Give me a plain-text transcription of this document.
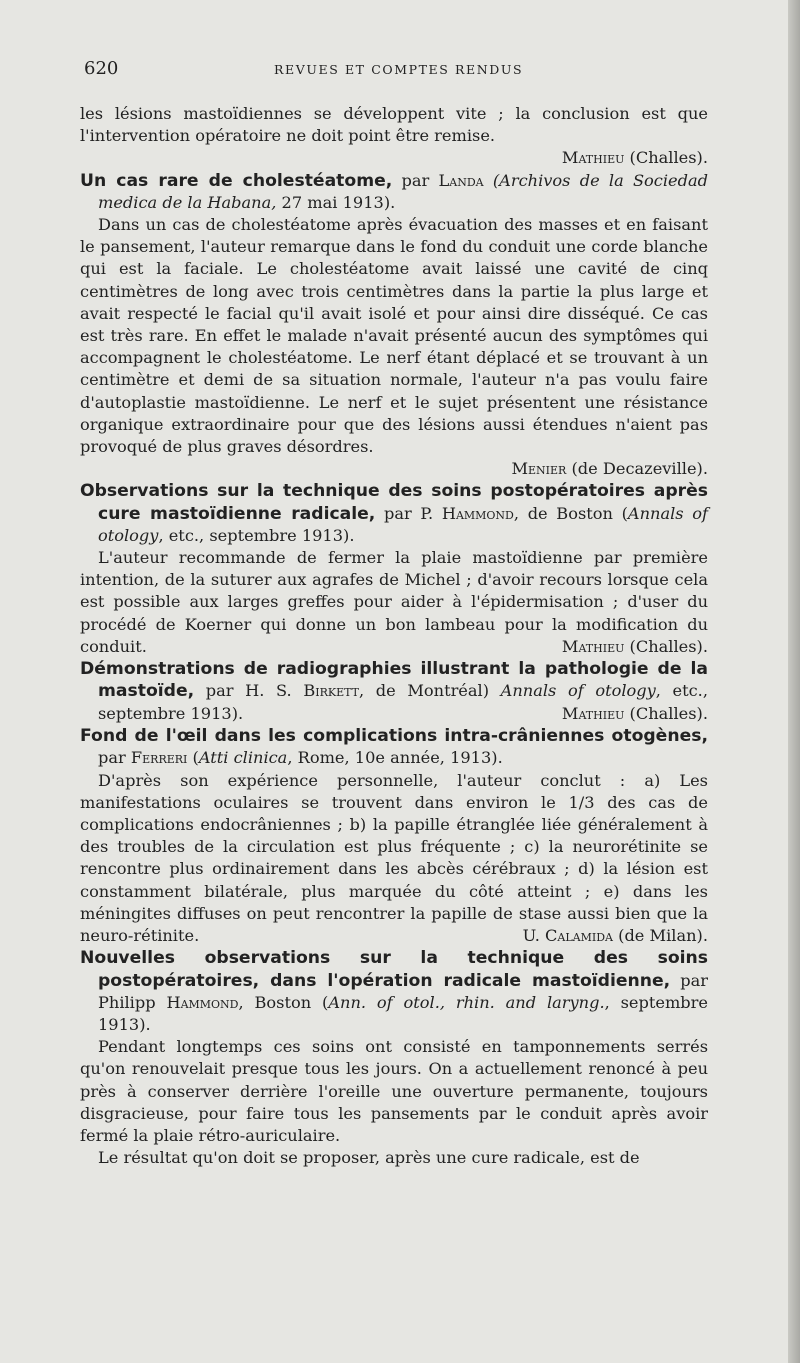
620	REVUES ET COMPTES RENDUS

les lésions mastoïdiennes se développent vite ; la conclusion est que l'intervention opératoire ne doit point être remise.

Mathieu (Challes).

Un cas rare de cholestéatome, par Landa (Archivos de la Sociedad medica de la Habana, 27 mai 1913).

Dans un cas de cholestéatome après évacuation des masses et en faisant le pansement, l'auteur remarque dans le fond du conduit une corde blanche qui est la faciale. Le cholestéatome avait laissé une cavité de cinq centimètres de long avec trois centimètres dans la partie la plus large et avait respecté le facial qu'il avait isolé et pour ainsi dire disséqué. Ce cas est très rare. En effet le malade n'avait présenté aucun des symptômes qui accompagnent le cholestéatome. Le nerf étant déplacé et se trouvant à un centimètre et demi de sa situation normale, l'auteur n'a pas voulu faire d'autoplastie mastoïdienne. Le nerf et le sujet présentent une résistance organique extraordinaire pour que des lésions aussi étendues n'aient pas provoqué de plus graves désordres.

Menier (de Decazeville).

Observations sur la technique des soins postopératoires après cure mastoïdienne radicale, par P. Hammond, de Boston (Annals of otology, etc., septembre 1913).

L'auteur recommande de fermer la plaie mastoïdienne par première intention, de la suturer aux agrafes de Michel ; d'avoir recours lorsque cela est possible aux larges greffes pour aider à l'épidermisation ; d'user du procédé de Koerner qui donne un bon lambeau pour la modification du conduit.	Mathieu (Challes).

Démonstrations de radiographies illustrant la pathologie de la mastoïde, par H. S. Birkett, de Montréal) Annals of otology, etc., septembre 1913).	Mathieu (Challes).

Fond de l'œil dans les complications intra-crâniennes otogènes, par Ferreri (Atti clinica, Rome, 10e année, 1913).

D'après son expérience personnelle, l'auteur conclut : a) Les manifestations oculaires se trouvent dans environ le 1/3 des cas de complications endocrâniennes ; b) la papille étranglée liée généralement à des troubles de la circulation est plus fréquente ; c) la neurorétinite se rencontre plus ordinairement dans les abcès cérébraux ; d) la lésion est constamment bilatérale, plus marquée du côté atteint ; e) dans les méningites diffuses on peut rencontrer la papille de stase aussi bien que la neuro-rétinite.	U. Calamida (de Milan).

Nouvelles observations sur la technique des soins postopératoires, dans l'opération radicale mastoïdienne, par Philipp Hammond, Boston (Ann. of otol., rhin. and laryng., septembre 1913).

Pendant longtemps ces soins ont consisté en tamponnements serrés qu'on renouvelait presque tous les jours. On a actuellement renoncé à peu près à conserver derrière l'oreille une ouverture permanente, toujours disgracieuse, pour faire tous les pansements par le conduit après avoir fermé la plaie rétro-auriculaire.

Le résultat qu'on doit se proposer, après une cure radicale, est de
